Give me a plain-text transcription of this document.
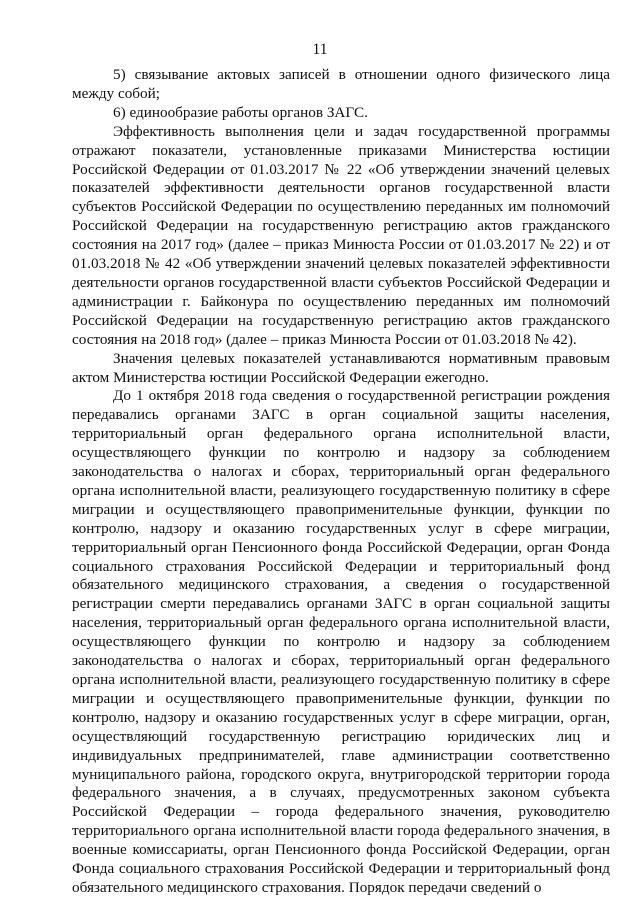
11

5) связывание актовых записей в отношении одного физического лица между собой;

6) единообразие работы органов ЗАГС.

Эффективность выполнения цели и задач государственной программы отражают показатели, установленные приказами Министерства юстиции Российской Федерации от 01.03.2017 № 22 «Об утверждении значений целевых показателей эффективности деятельности органов государственной власти субъектов Российской Федерации по осуществлению переданных им полномочий Российской Федерации на государственную регистрацию актов гражданского состояния на 2017 год» (далее – приказ Минюста России от 01.03.2017 № 22) и от 01.03.2018 № 42 «Об утверждении значений целевых показателей эффективности деятельности органов государственной власти субъектов Российской Федерации и администрации г. Байконура по осуществлению переданных им полномочий Российской Федерации на государственную регистрацию актов гражданского состояния на 2018 год» (далее – приказ Минюста России от 01.03.2018 № 42).

Значения целевых показателей устанавливаются нормативным правовым актом Министерства юстиции Российской Федерации ежегодно.

До 1 октября 2018 года сведения о государственной регистрации рождения передавались органами ЗАГС в орган социальной защиты населения, территориальный орган федерального органа исполнительной власти, осуществляющего функции по контролю и надзору за соблюдением законодательства о налогах и сборах, территориальный орган федерального органа исполнительной власти, реализующего государственную политику в сфере миграции и осуществляющего правоприменительные функции, функции по контролю, надзору и оказанию государственных услуг в сфере миграции, территориальный орган Пенсионного фонда Российской Федерации, орган Фонда социального страхования Российской Федерации и территориальный фонд обязательного медицинского страхования, а сведения о государственной регистрации смерти передавались органами ЗАГС в орган социальной защиты населения, территориальный орган федерального органа исполнительной власти, осуществляющего функции по контролю и надзору за соблюдением законодательства о налогах и сборах, территориальный орган федерального органа исполнительной власти, реализующего государственную политику в сфере миграции и осуществляющего правоприменительные функции, функции по контролю, надзору и оказанию государственных услуг в сфере миграции, орган, осуществляющий государственную регистрацию юридических лиц и индивидуальных предпринимателей, главе администрации соответственно муниципального района, городского округа, внутригородской территории города федерального значения, а в случаях, предусмотренных законом субъекта Российской Федерации – города федерального значения, руководителю территориального органа исполнительной власти города федерального значения, в военные комиссариаты, орган Пенсионного фонда Российской Федерации, орган Фонда социального страхования Российской Федерации и территориальный фонд обязательного медицинского страхования. Порядок передачи сведений о
